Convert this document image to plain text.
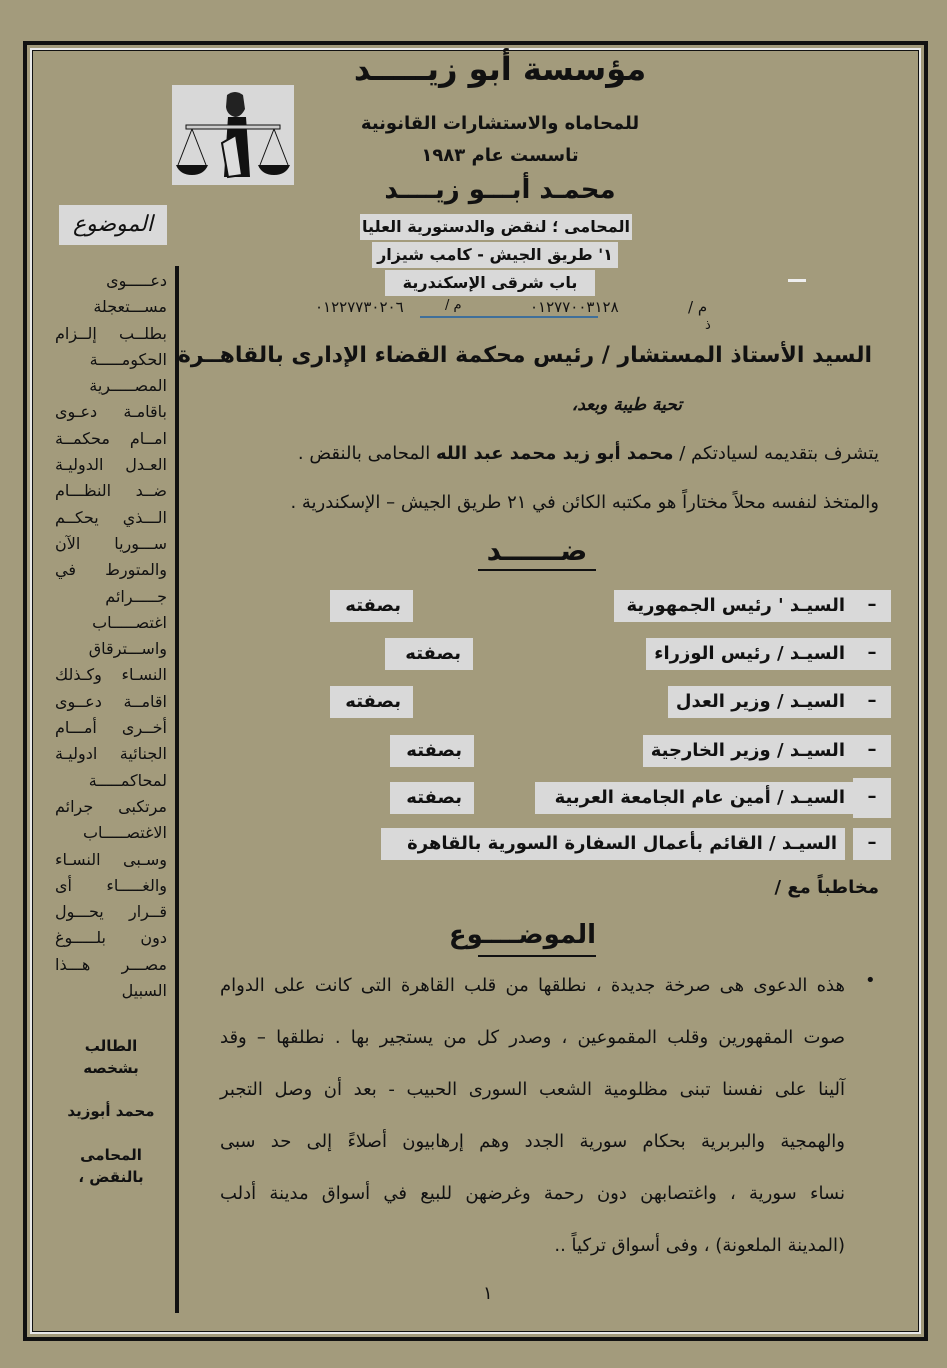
مؤسسة أبو زيـــــد
للمحاماه والاستشارات القانونية
تاسست عام ١٩٨٣
محمـد أبـــو زيــــد
المحامى ؛ لنقض والدستورية العليا
١' طريق الجيش - كامب شيزار
باب شرقى الإسكندرية
م /
٠١٢٧٧٠٠٣١٢٨
م /
٠١٢٢٧٧٣٠٢٠٦
ذ
الموضوع
دعـــــوى
مســـتعجلة
بطلــب إلــزام
الحكومـــــة
المصـــــرية
باقامـة دعـوى
امــام محكمــة
العـدل الدوليـة
ضــد النظـــام
الـــذي يحكــم
ســـوريا الآن
والمتورط في
جـــــرائم
اغتصـــــاب
واســـترقاق
النسـاء وكـذلك
اقامــة دعــوى
أخــرى أمـــام
الجنائية ادوليـة
لمحاكمـــــة
مرتكبى جرائم
الاغتصـــــاب
وسـبى النسـاء
والغـــــاء أى
قــرار يحـــول
دون بلـــــوغ
مصـــر هـــذا
السبيل
الطالب
بشخصه
محمد أبوزيد
المحامى
بالنقض ،
السيد الأستاذ المستشار / رئيس محكمة القضاء الإدارى بالقاهــرة
تحية طيبة وبعد،
يتشرف بتقديمه لسيادتكم / محمد أبو زيد محمد عبد الله المحامى بالنقض .
والمتخذ لنفسه محلاً مختاراً هو مكتبه الكائن في ٢١ طريق الجيش – الإسكندرية .
ضــــــد
–
السيـد ' رئيس الجمهورية
بصفته
–
السيـد / رئيس الوزراء
بصفته
–
السيـد / وزير العدل
بصفته
–
السيـد / وزير الخارجية
بصفته
–
السيـد / أمين عام الجامعة العربية
بصفته
–
السيـد / القائم بأعمال السفارة السورية بالقاهرة
مخاطباً مع /
الموضــــوع
•
هذه الدعوى هى صرخة جديدة ، نطلقها من قلب القاهرة التى كانت على الدوام
صوت المقهورين وقلب المقموعين ، وصدر كل من يستجير بها . نطلقها – وقد
آلينا على نفسنا تبنى مظلومية الشعب السورى الحبيب - بعد أن وصل التجبر
والهمجية والبربرية بحكام سورية الجدد وهم إرهابيون أصلاءً إلى حد سبى
نساء سورية ، واغتصابهن دون رحمة وغرضهن للبيع في أسواق مدينة أدلب
(المدينة الملعونة) ، وفى أسواق تركياً ..
١
